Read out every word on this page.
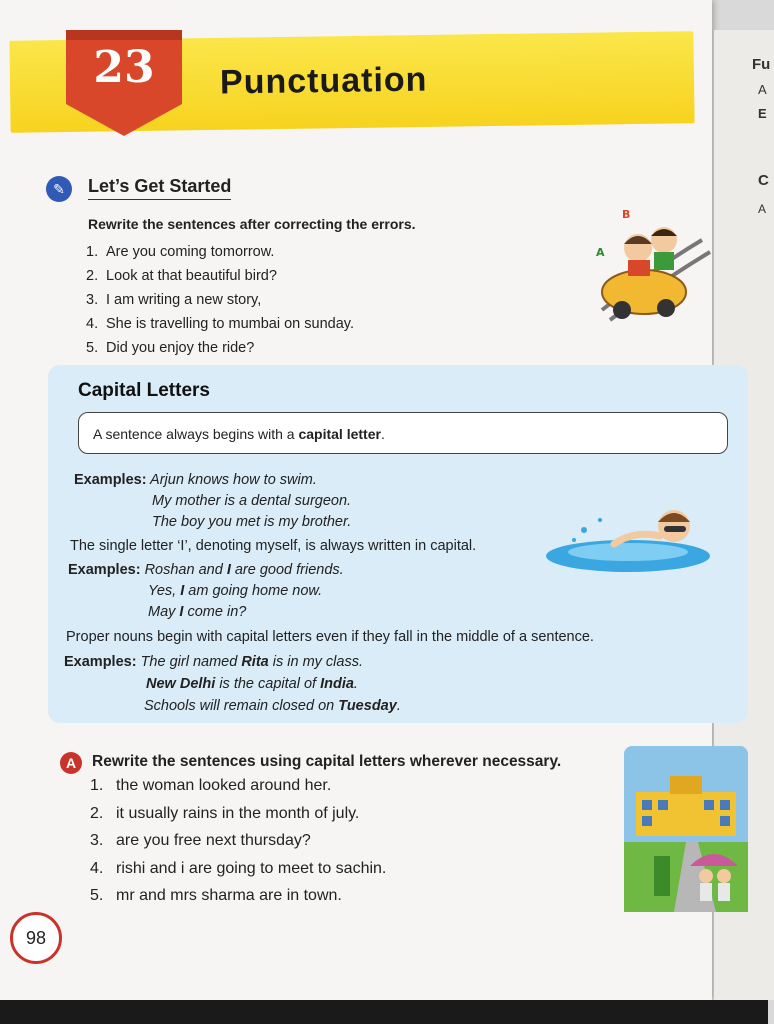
Fu
A
E
C
A
23	Punctuation
✎	Let’s Get Started
Rewrite the sentences after correcting the errors.
1. Are you coming tomorrow.
2. Look at that beautiful bird?
3. I am writing a new story,
4. She is travelling to mumbai on sunday.
5. Did you enjoy the ride?
B
A
Capital Letters
A sentence always begins with a capital letter.
Examples: Arjun knows how to swim.
My mother is a dental surgeon.
The boy you met is my brother.
The single letter ‘I’, denoting myself, is always written in capital.
Examples: Roshan and I are good friends.
Yes, I am going home now.
May I come in?
Proper nouns begin with capital letters even if they fall in the middle of a sentence.
Examples: The girl named Rita is in my class.
New Delhi is the capital of India.
Schools will remain closed on Tuesday.
A	Rewrite the sentences using capital letters wherever necessary.
1. the woman looked around her.
2. it usually rains in the month of july.
3. are you free next thursday?
4. rishi and i are going to meet to sachin.
5. mr and mrs sharma are in town.
98
